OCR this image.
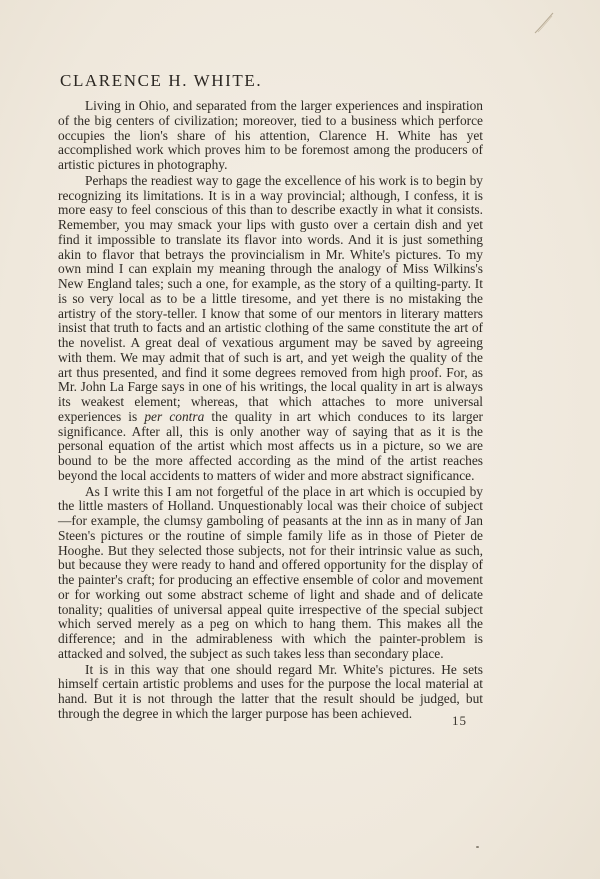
CLARENCE H. WHITE.

Living in Ohio, and separated from the larger experiences and inspiration of the big centers of civilization; moreover, tied to a business which perforce occupies the lion's share of his attention, Clarence H. White has yet accomplished work which proves him to be foremost among the producers of artistic pictures in photography.

Perhaps the readiest way to gage the excellence of his work is to begin by recognizing its limitations. It is in a way provincial; although, I confess, it is more easy to feel conscious of this than to describe exactly in what it consists. Remember, you may smack your lips with gusto over a certain dish and yet find it impossible to translate its flavor into words. And it is just something akin to flavor that betrays the provincialism in Mr. White's pictures. To my own mind I can explain my meaning through the analogy of Miss Wilkins's New England tales; such a one, for example, as the story of a quilting-party. It is so very local as to be a little tiresome, and yet there is no mistaking the artistry of the story-teller. I know that some of our mentors in literary matters insist that truth to facts and an artistic clothing of the same constitute the art of the novelist. A great deal of vexatious argument may be saved by agreeing with them. We may admit that of such is art, and yet weigh the quality of the art thus presented, and find it some degrees removed from high proof. For, as Mr. John La Farge says in one of his writings, the local quality in art is always its weakest element; whereas, that which attaches to more universal experiences is per contra the quality in art which conduces to its larger significance. After all, this is only another way of saying that as it is the personal equation of the artist which most affects us in a picture, so we are bound to be the more affected according as the mind of the artist reaches beyond the local accidents to matters of wider and more abstract significance.

As I write this I am not forgetful of the place in art which is occupied by the little masters of Holland. Unquestionably local was their choice of subject—for example, the clumsy gamboling of peasants at the inn as in many of Jan Steen's pictures or the routine of simple family life as in those of Pieter de Hooghe. But they selected those subjects, not for their intrinsic value as such, but because they were ready to hand and offered opportunity for the display of the painter's craft; for producing an effective ensemble of color and movement or for working out some abstract scheme of light and shade and of delicate tonality; qualities of universal appeal quite irrespective of the special subject which served merely as a peg on which to hang them. This makes all the difference; and in the admirableness with which the painter-problem is attacked and solved, the subject as such takes less than secondary place.

It is in this way that one should regard Mr. White's pictures. He sets himself certain artistic problems and uses for the purpose the local material at hand. But it is not through the latter that the result should be judged, but through the degree in which the larger purpose has been achieved.	15
